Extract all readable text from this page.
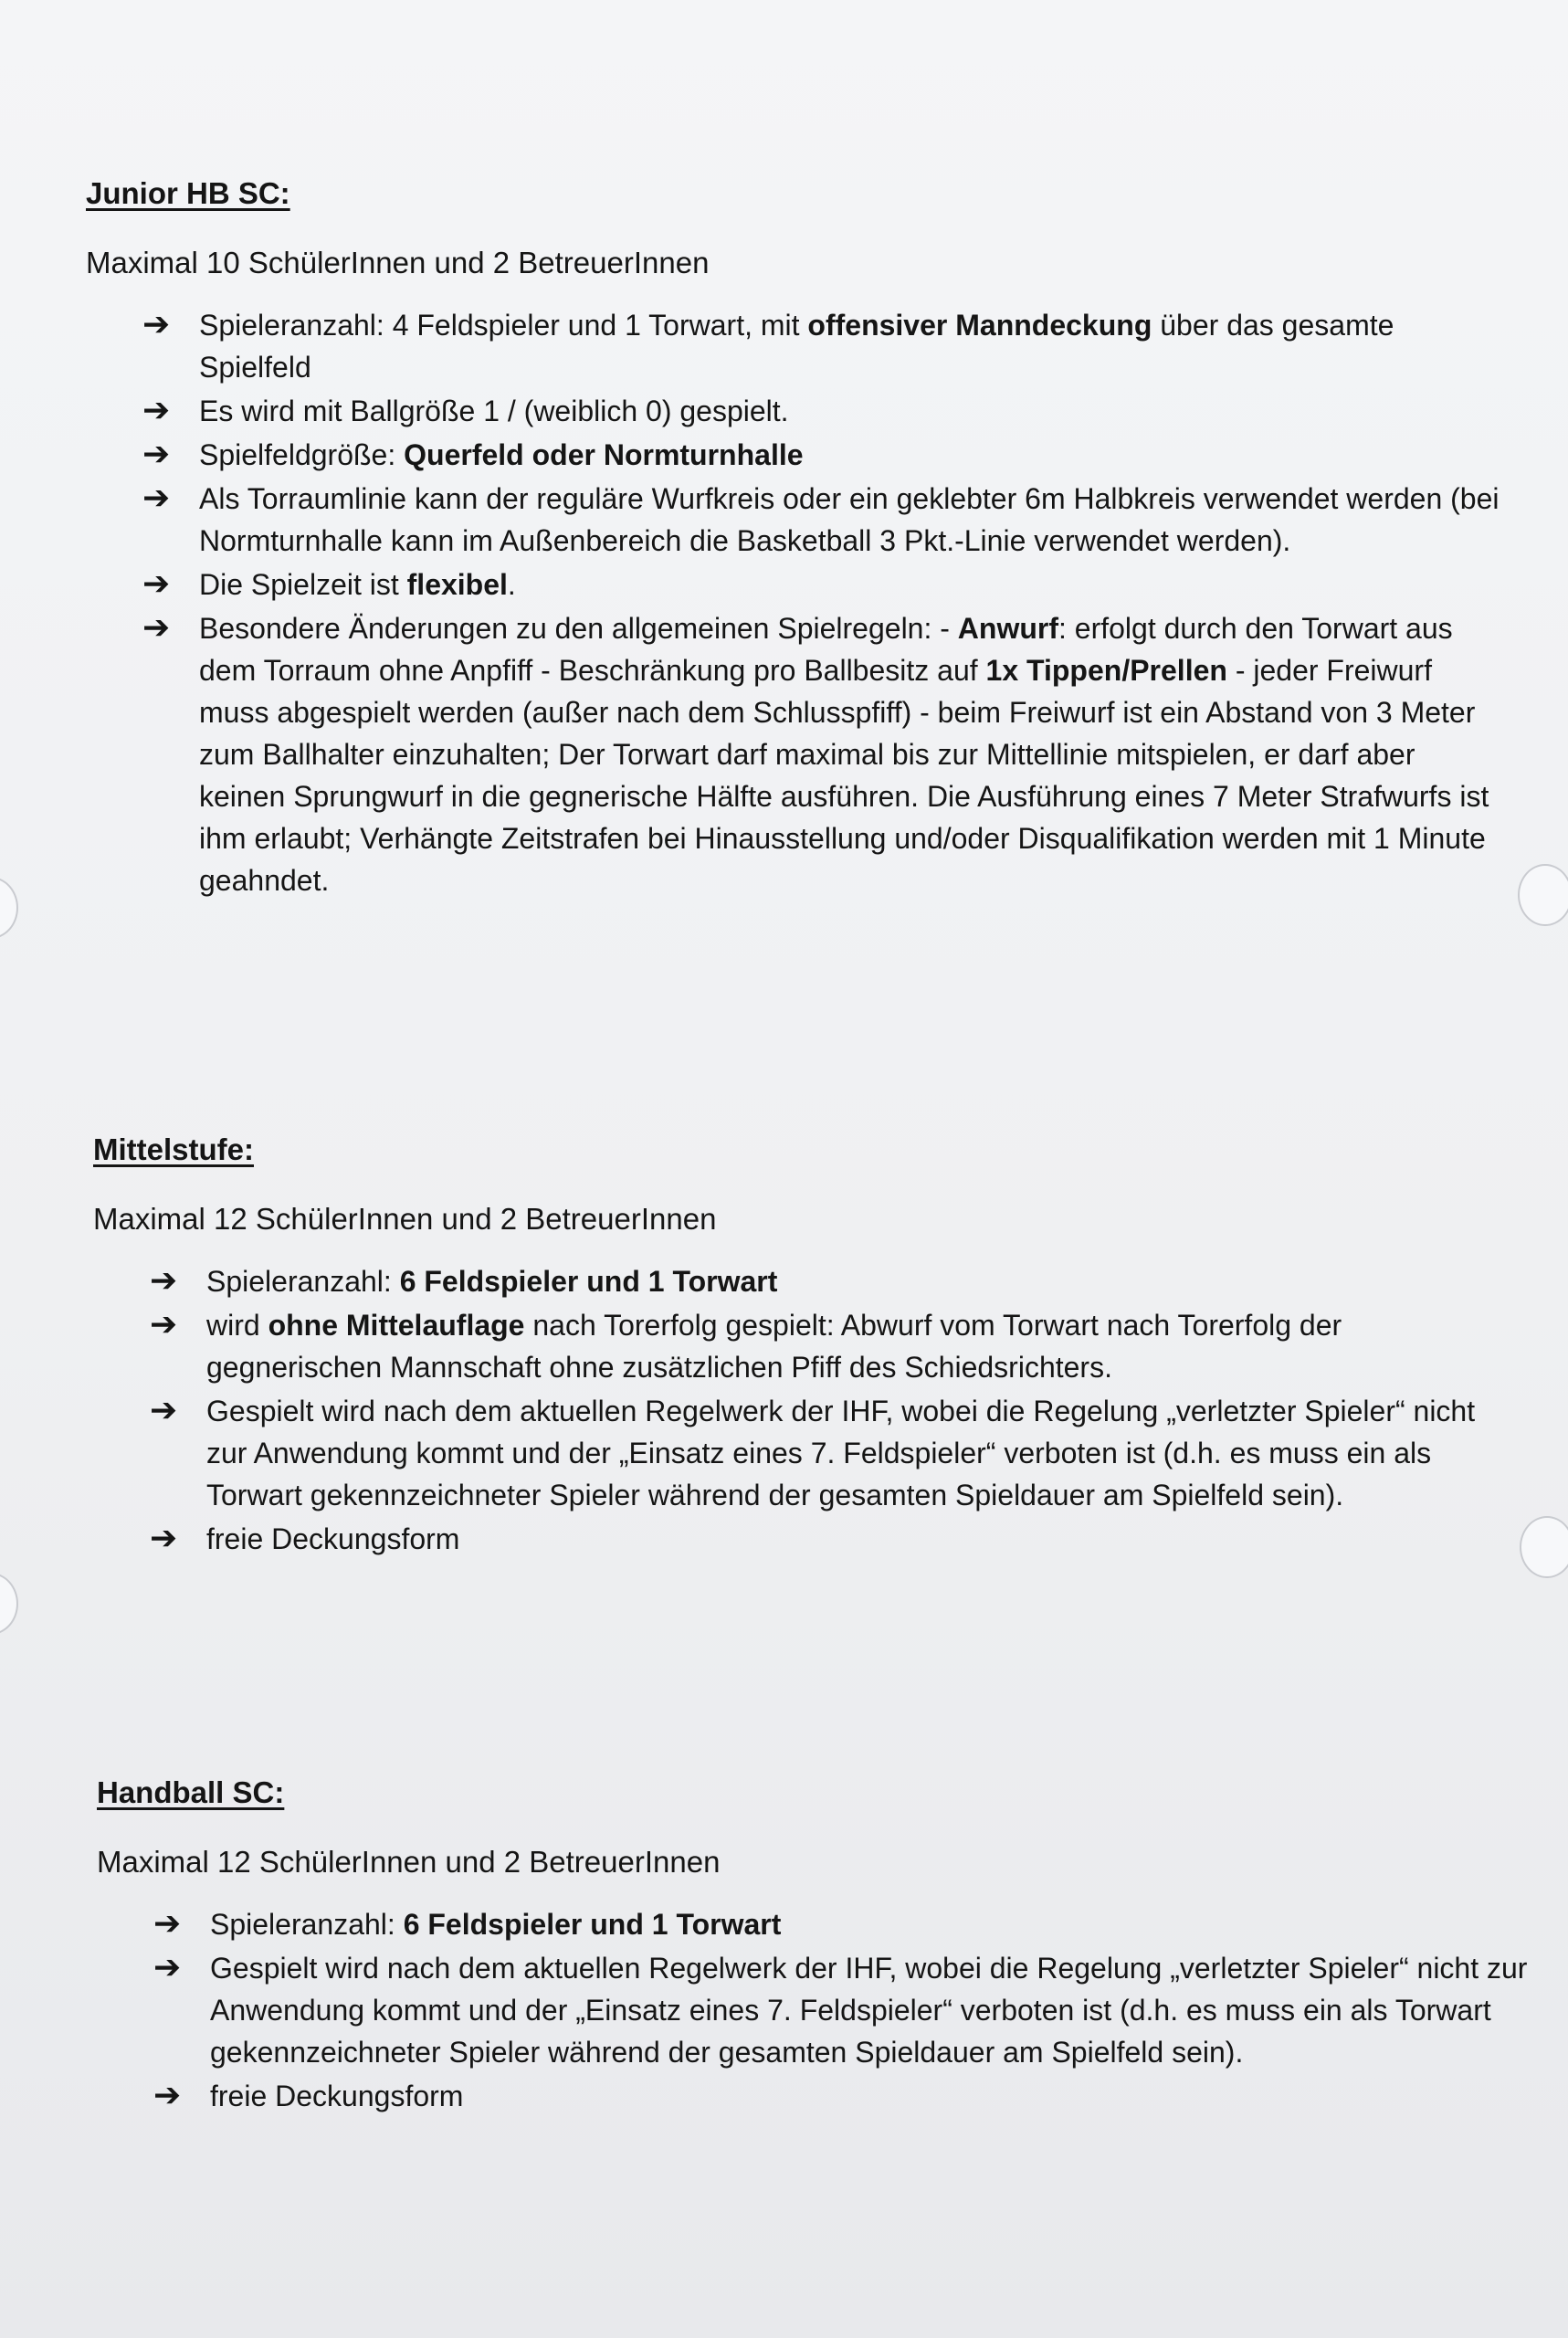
Junior HB SC:

Maximal 10 SchülerInnen und 2 BetreuerInnen

➔ Spieleranzahl: 4 Feldspieler und 1 Torwart, mit offensiver Manndeckung über das gesamte Spielfeld
➔ Es wird mit Ballgröße 1 / (weiblich 0) gespielt.
➔ Spielfeldgröße: Querfeld oder Normturnhalle
➔ Als Torraumlinie kann der reguläre Wurfkreis oder ein geklebter 6m Halbkreis verwendet werden (bei Normturnhalle kann im Außenbereich die Basketball 3 Pkt.-Linie verwendet werden).
➔ Die Spielzeit ist flexibel.
➔ Besondere Änderungen zu den allgemeinen Spielregeln: - Anwurf: erfolgt durch den Torwart aus dem Torraum ohne Anpfiff - Beschränkung pro Ballbesitz auf 1x Tippen/Prellen - jeder Freiwurf muss abgespielt werden (außer nach dem Schlusspfiff) - beim Freiwurf ist ein Abstand von 3 Meter zum Ballhalter einzuhalten; Der Torwart darf maximal bis zur Mittellinie mitspielen, er darf aber keinen Sprungwurf in die gegnerische Hälfte ausführen. Die Ausführung eines 7 Meter Strafwurfs ist ihm erlaubt; Verhängte Zeitstrafen bei Hinausstellung und/oder Disqualifikation werden mit 1 Minute geahndet.
Mittelstufe:

Maximal 12 SchülerInnen und 2 BetreuerInnen

➔ Spieleranzahl: 6 Feldspieler und 1 Torwart
➔ wird ohne Mittelauflage nach Torerfolg gespielt: Abwurf vom Torwart nach Torerfolg der gegnerischen Mannschaft ohne zusätzlichen Pfiff des Schiedsrichters.
➔ Gespielt wird nach dem aktuellen Regelwerk der IHF, wobei die Regelung „verletzter Spieler“ nicht zur Anwendung kommt und der „Einsatz eines 7. Feldspieler“ verboten ist (d.h. es muss ein als Torwart gekennzeichneter Spieler während der gesamten Spieldauer am Spielfeld sein).
➔ freie Deckungsform
Handball SC:

Maximal 12 SchülerInnen und 2 BetreuerInnen

➔ Spieleranzahl: 6 Feldspieler und 1 Torwart
➔ Gespielt wird nach dem aktuellen Regelwerk der IHF, wobei die Regelung „verletzter Spieler“ nicht zur Anwendung kommt und der „Einsatz eines 7. Feldspieler“ verboten ist (d.h. es muss ein als Torwart gekennzeichneter Spieler während der gesamten Spieldauer am Spielfeld sein).
➔ freie Deckungsform
